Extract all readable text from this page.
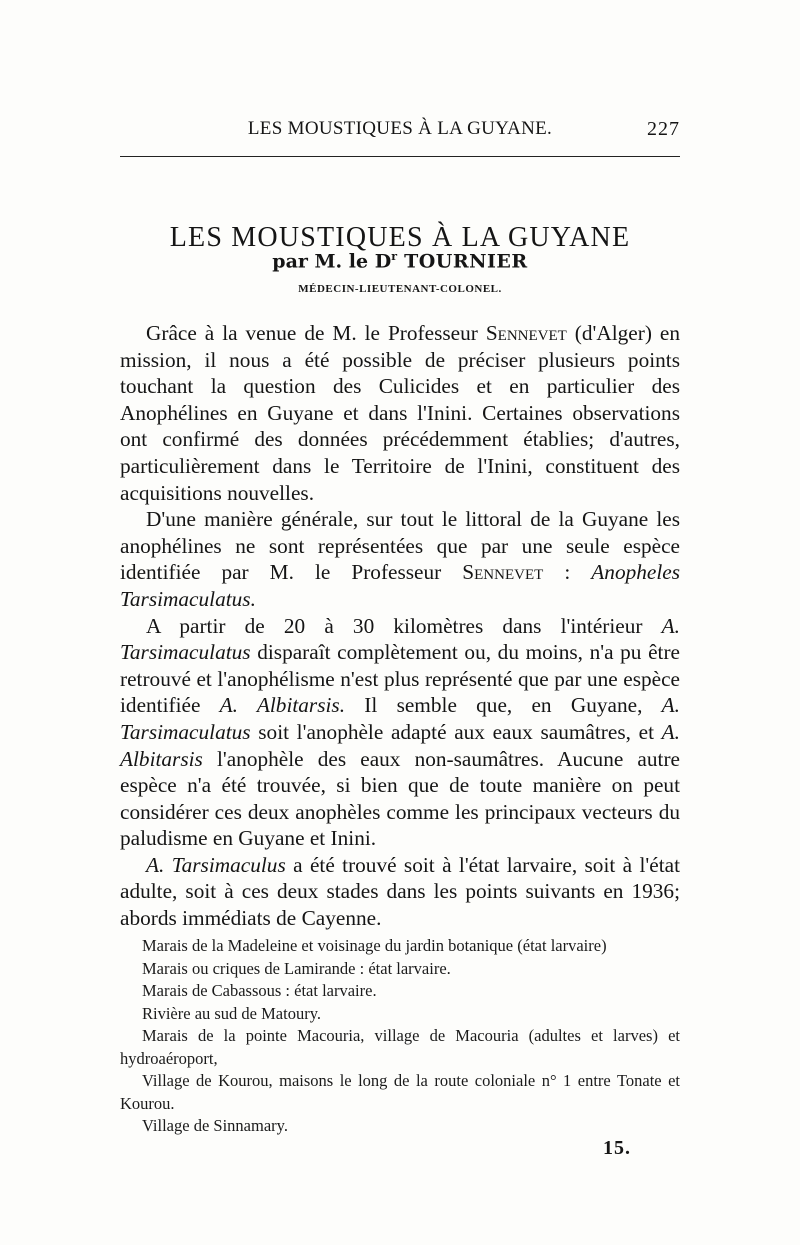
LES MOUSTIQUES À LA GUYANE.	227
LES MOUSTIQUES À LA GUYANE
par M. le $D^r$ TOURNIER
MÉDECIN-LIEUTENANT-COLONEL.

Grâce à la venue de M. le Professeur Sennevet (d'Alger) en mission, il nous a été possible de préciser plusieurs points touchant la question des Culicides et en particulier des Anophélines en Guyane et dans l'Inini. Certaines observations ont confirmé des données précédemment établies; d'autres, particulièrement dans le Territoire de l'Inini, constituent des acquisitions nouvelles.

D'une manière générale, sur tout le littoral de la Guyane les anophélines ne sont représentées que par une seule espèce identifiée par M. le Professeur Sennevet : Anopheles Tarsimaculatus.

A partir de 20 à 30 kilomètres dans l'intérieur A. Tarsimaculatus disparaît complètement ou, du moins, n'a pu être retrouvé et l'anophélisme n'est plus représenté que par une espèce identifiée A. Albitarsis. Il semble que, en Guyane, A. Tarsimaculatus soit l'anophèle adapté aux eaux saumâtres, et A. Albitarsis l'anophèle des eaux non-saumâtres. Aucune autre espèce n'a été trouvée, si bien que de toute manière on peut considérer ces deux anophèles comme les principaux vecteurs du paludisme en Guyane et Inini.

A. Tarsimaculus a été trouvé soit à l'état larvaire, soit à l'état adulte, soit à ces deux stades dans les points suivants en 1936; abords immédiats de Cayenne.

Marais de la Madeleine et voisinage du jardin botanique (état larvaire)

Marais ou criques de Lamirande : état larvaire.

Marais de Cabassous : état larvaire.

Rivière au sud de Matoury.

Marais de la pointe Macouria, village de Macouria (adultes et larves) et hydroaéroport,

Village de Kourou, maisons le long de la route coloniale n° 1 entre Tonate et Kourou.

Village de Sinnamary.

15.
